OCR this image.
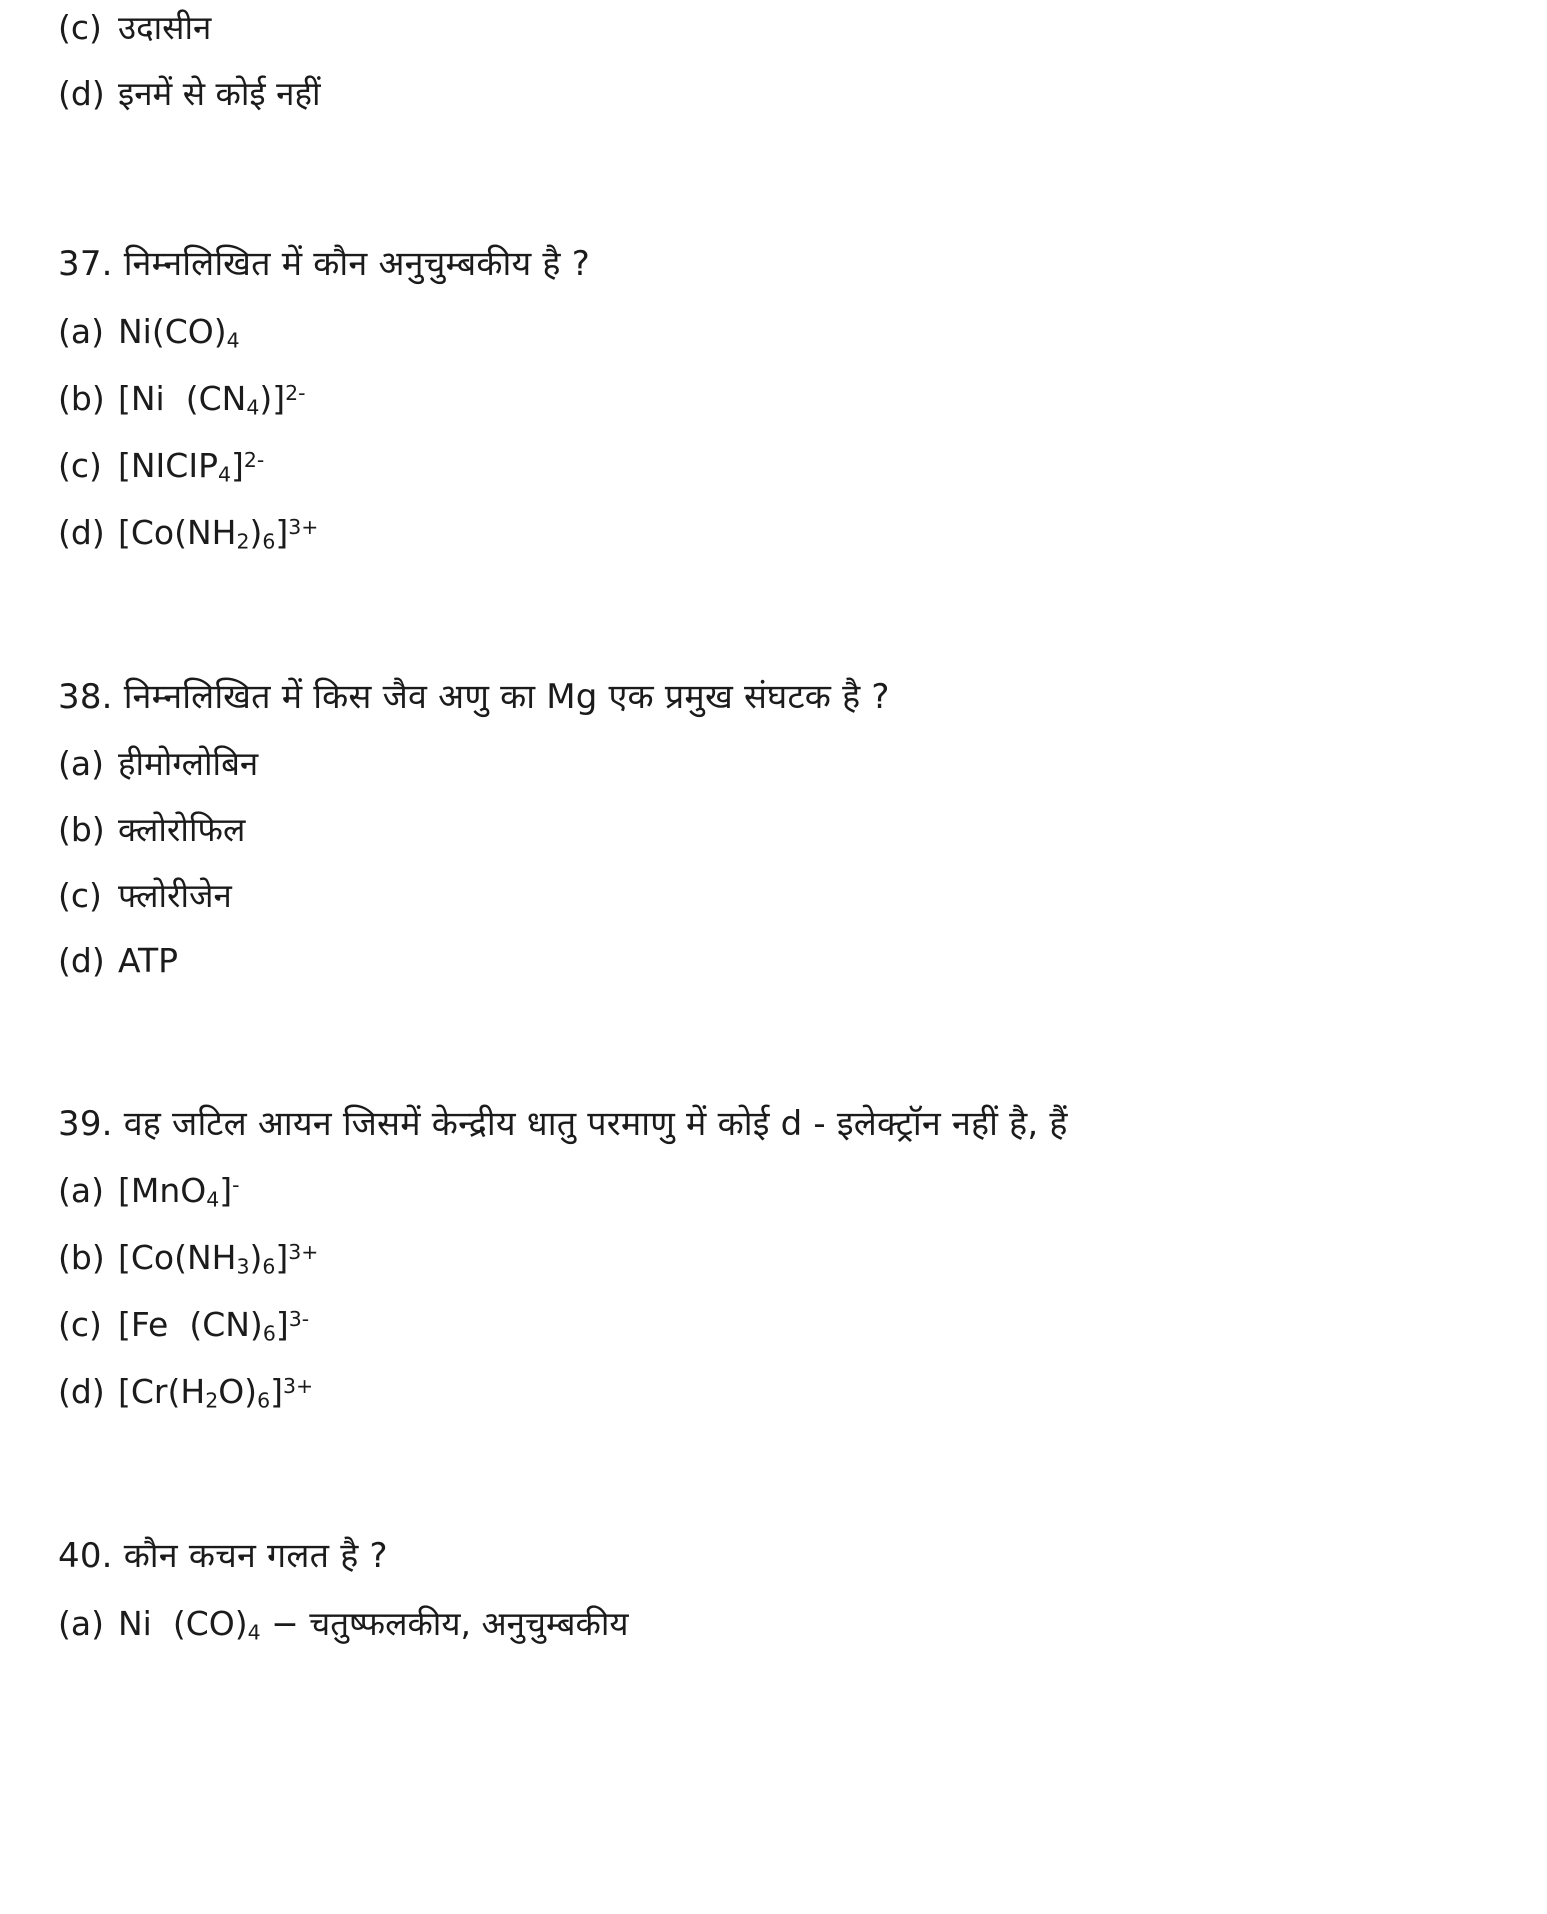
(c) उदासीन

(d) इनमें से कोई नहीं

37. निम्नलिखित में कौन अनुचुम्बकीय है ?

(a) $Ni(CO)_4$

(b) [Ni  $(CN_4)]^{2-}$

(c) $[NICIP_4]^{2-}$

(d) $[Co(NH_2)_6]^{3+}$

38. निम्नलिखित में किस जैव अणु का Mg एक प्रमुख संघटक है ?

(a) हीमोग्लोबिन

(b) क्लोरोफिल

(c) फ्लोरीजेन

(d) ATP

39. वह जटिल आयन जिसमें केन्द्रीय धातु परमाणु में कोई d - इलेक्ट्रॉन नहीं है, हैं

(a) [MnO$_4$]-

(b) $[Co(NH_3)_6]^{3+}$

(c) [Fe  $(CN)_6]^{3-}$

(d) $[Cr(H_2O)_6]^{3+}$

40. कौन कचन गलत है ?

(a) Ni  $(CO)_4$ − चतुष्फलकीय, अनुचुम्बकीय
